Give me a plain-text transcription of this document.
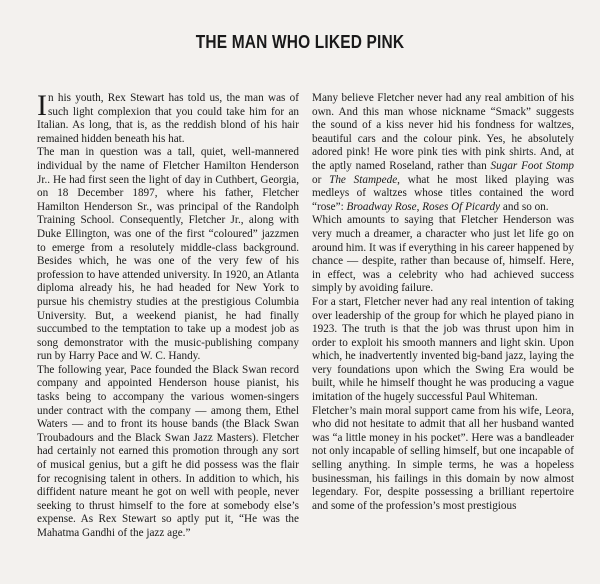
THE MAN WHO LIKED PINK

In his youth, Rex Stewart has told us, the man was of such light complexion that you could take him for an Italian. As long, that is, as the reddish blond of his hair remained hidden beneath his hat.

The man in question was a tall, quiet, well-mannered individual by the name of Fletcher Hamilton Henderson Jr.. He had first seen the light of day in Cuthbert, Georgia, on 18 December 1897, where his father, Fletcher Hamilton Henderson Sr., was principal of the Randolph Training School. Consequently, Fletcher Jr., along with Duke Ellington, was one of the first “coloured” jazzmen to emerge from a resolutely middle-class background. Besides which, he was one of the very few of his profession to have attended university. In 1920, an Atlanta diploma already his, he had headed for New York to pursue his chemistry studies at the prestigious Columbia University. But, a weekend pianist, he had finally succumbed to the temptation to take up a modest job as song demonstrator with the music-publishing company run by Harry Pace and W. C. Handy.

The following year, Pace founded the Black Swan record company and appointed Henderson house pianist, his tasks being to accompany the various women-singers under contract with the company — among them, Ethel Waters — and to front its house bands (the Black Swan Troubadours and the Black Swan Jazz Masters). Fletcher had certainly not earned this promotion through any sort of musical genius, but a gift he did possess was the flair for recognising talent in others. In addition to which, his diffident nature meant he got on well with people, never seeking to thrust himself to the fore at somebody else’s expense. As Rex Stewart so aptly put it, “He was the Mahatma Gandhi of the jazz age.”

Many believe Fletcher never had any real ambition of his own. And this man whose nickname “Smack” suggests the sound of a kiss never hid his fondness for waltzes, beautiful cars and the colour pink. Yes, he absolutely adored pink! He wore pink ties with pink shirts. And, at the aptly named Roseland, rather than Sugar Foot Stomp or The Stampede, what he most liked playing was medleys of waltzes whose titles contained the word “rose”: Broadway Rose, Roses Of Picardy and so on.

Which amounts to saying that Fletcher Henderson was very much a dreamer, a character who just let life go on around him. It was if everything in his career happened by chance — despite, rather than because of, himself. Here, in effect, was a celebrity who had achieved success simply by avoiding failure.

For a start, Fletcher never had any real intention of taking over leadership of the group for which he played piano in 1923. The truth is that the job was thrust upon him in order to exploit his smooth manners and light skin. Upon which, he inadvertently invented big-band jazz, laying the very foundations upon which the Swing Era would be built, while he himself thought he was producing a vague imitation of the hugely successful Paul Whiteman.

Fletcher’s main moral support came from his wife, Leora, who did not hesitate to admit that all her husband wanted was “a little money in his pocket”. Here was a bandleader not only incapable of selling himself, but one incapable of selling anything. In simple terms, he was a hopeless businessman, his failings in this domain by now almost legendary. For, despite possessing a brilliant repertoire and some of the profession’s most prestigious
